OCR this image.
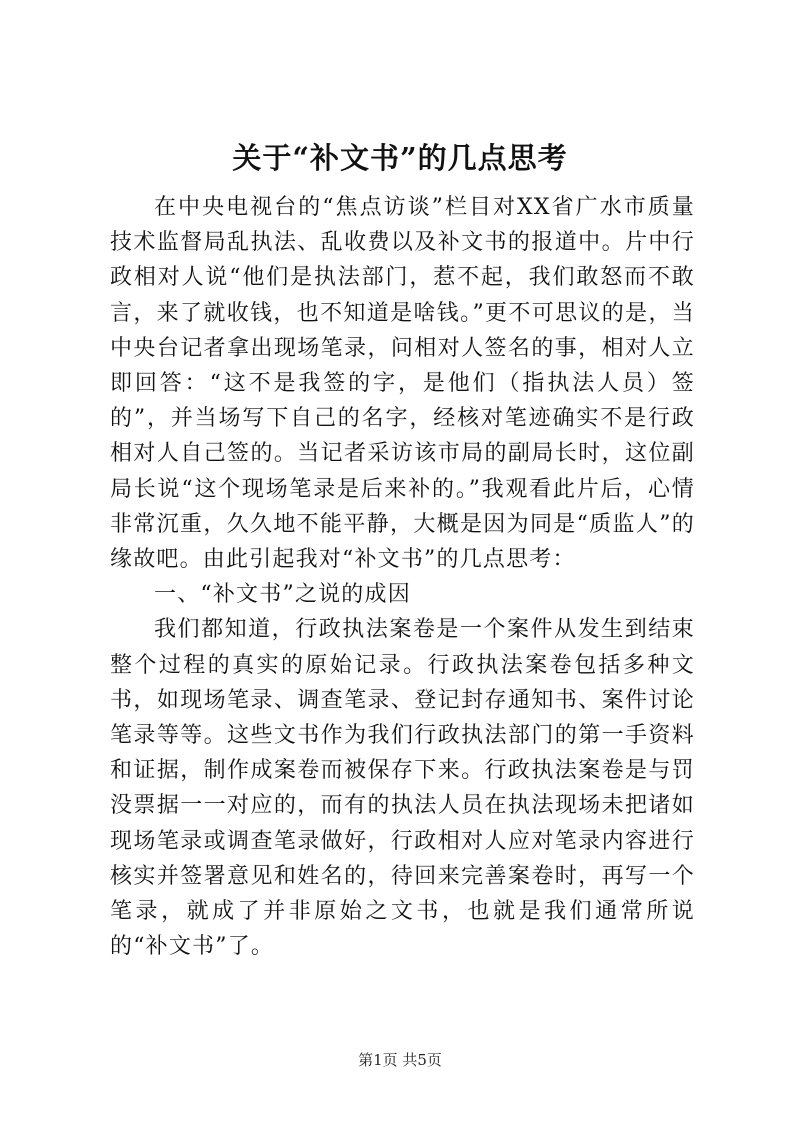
关于“补文书”的几点思考

在中央电视台的“焦点访谈”栏目对XX省广水市质量技术监督局乱执法、乱收费以及补文书的报道中。片中行政相对人说“他们是执法部门，惹不起，我们敢怒而不敢言，来了就收钱，也不知道是啥钱。”更不可思议的是，当中央台记者拿出现场笔录，问相对人签名的事，相对人立即回答：“这不是我签的字，是他们（指执法人员）签的”，并当场写下自己的名字，经核对笔迹确实不是行政相对人自己签的。当记者采访该市局的副局长时，这位副局长说“这个现场笔录是后来补的。”我观看此片后，心情非常沉重，久久地不能平静，大概是因为同是“质监人”的缘故吧。由此引起我对“补文书”的几点思考：

一、“补文书”之说的成因

我们都知道，行政执法案卷是一个案件从发生到结束整个过程的真实的原始记录。行政执法案卷包括多种文书，如现场笔录、调查笔录、登记封存通知书、案件讨论笔录等等。这些文书作为我们行政执法部门的第一手资料和证据，制作成案卷而被保存下来。行政执法案卷是与罚没票据一一对应的，而有的执法人员在执法现场未把诸如现场笔录或调查笔录做好，行政相对人应对笔录内容进行核实并签署意见和姓名的，待回来完善案卷时，再写一个笔录，就成了并非原始之文书，也就是我们通常所说的“补文书”了。

第1页 共5页
